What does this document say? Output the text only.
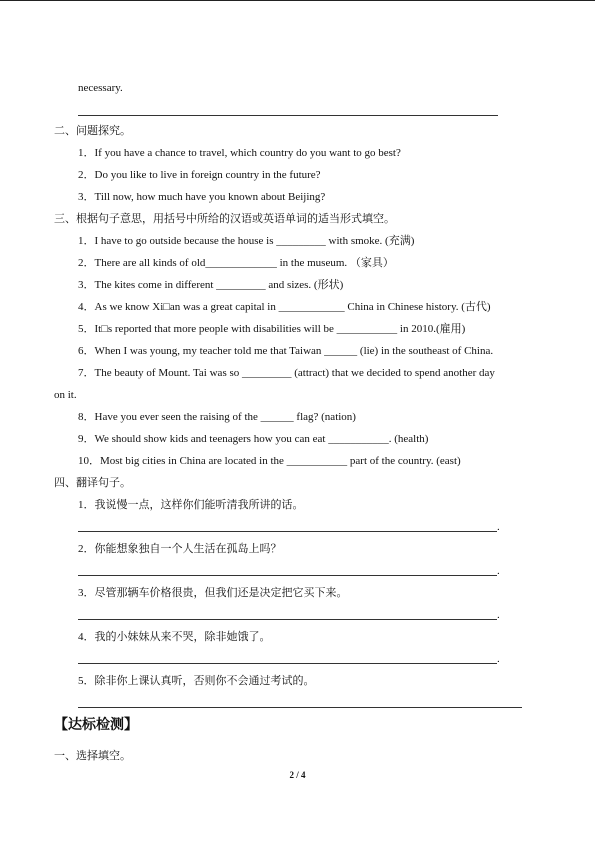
necessary.
二、问题探究。
1．If you have a chance to travel, which country do you want to go best?
2．Do you like to live in foreign country in the future?
3．Till now, how much have you known about Beijing?
三、根据句子意思，用括号中所给的汉语或英语单词的适当形式填空。
1．I have to go outside because the house is _________ with smoke. (充满)
2．There are all kinds of old_____________ in the museum. （家具）
3．The kites come in different _________ and sizes. (形状)
4．As we know Xi□an was a great capital in ____________ China in Chinese history. (古代)
5．It□s reported that more people with disabilities will be ___________ in 2010.(雇用)
6．When I was young, my teacher told me that Taiwan ______ (lie) in the southeast of China.
7．The beauty of Mount. Tai was so _________ (attract) that we decided to spend another day
on it.
8．Have you ever seen the raising of the ______ flag? (nation)
9．We should show kids and teenagers how you can eat ___________. (health)
10．Most big cities in China are located in the ___________ part of the country. (east)
四、翻译句子。
1．我说慢一点，这样你们能听清我所讲的话。
.
2．你能想象独自一个人生活在孤岛上吗？
.
3．尽管那辆车价格很贵，但我们还是决定把它买下来。
.
4．我的小妹妹从来不哭，除非她饿了。
.
5．除非你上课认真听，否则你不会通过考试的。
【达标检测】
一、选择填空。
2 / 4
